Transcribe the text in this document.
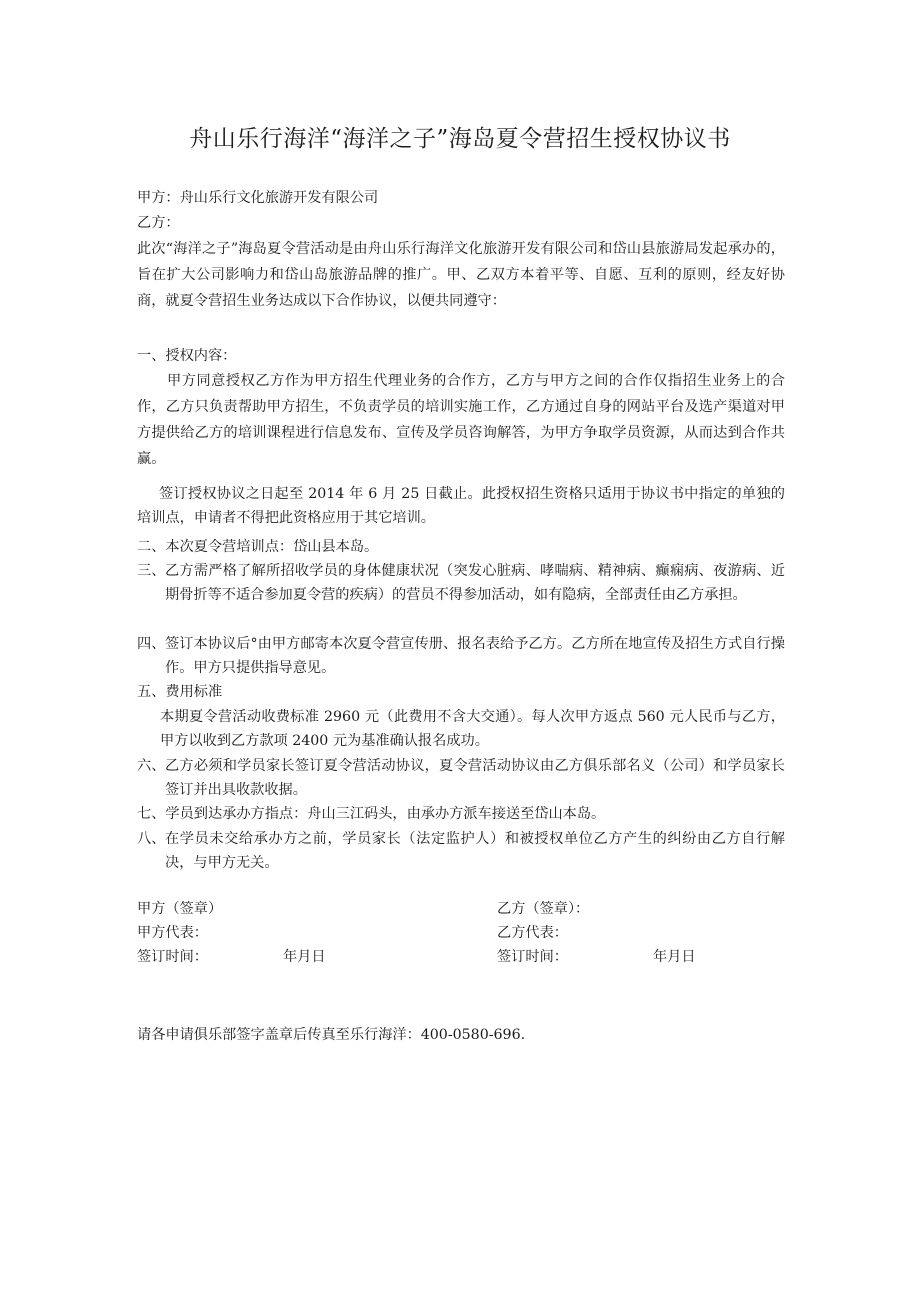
舟山乐行海洋“海洋之子”海岛夏令营招生授权协议书
甲方：舟山乐行文化旅游开发有限公司
乙方：
此次“海洋之子”海岛夏令营活动是由舟山乐行海洋文化旅游开发有限公司和岱山县旅游局发起承办的，旨在扩大公司影响力和岱山岛旅游品牌的推广。甲、乙双方本着平等、自愿、互利的原则，经友好协商，就夏令营招生业务达成以下合作协议，以便共同遵守：
一、授权内容：
甲方同意授权乙方作为甲方招生代理业务的合作方，乙方与甲方之间的合作仅指招生业务上的合作，乙方只负责帮助甲方招生，不负责学员的培训实施工作，乙方通过自身的网站平台及选产渠道对甲方提供给乙方的培训课程进行信息发布、宣传及学员咨询解答，为甲方争取学员资源，从而达到合作共赢。
签订授权协议之日起至 2014 年 6 月 25 日截止。此授权招生资格只适用于协议书中指定的单独的培训点，申请者不得把此资格应用于其它培训。
二、本次夏令营培训点：岱山县本岛。
三、 乙方需严格了解所招收学员的身体健康状况（突发心脏病、哮喘病、精神病、癫痫病、夜游病、近期骨折等不适合参加夏令营的疾病）的营员不得参加活动，如有隐病，全部责任由乙方承担。
四、 签订本协议后°由甲方邮寄本次夏令营宣传册、报名表给予乙方。乙方所在地宣传及招生方式自行操作。甲方只提供指导意见。
五、费用标准
本期夏令营活动收费标准 2960 元（此费用不含大交通）。每人次甲方返点 560 元人民币与乙方，甲方以收到乙方款项 2400 元为基准确认报名成功。
六、 乙方必须和学员家长签订夏令营活动协议，夏令营活动协议由乙方俱乐部名义（公司）和学员家长签订并出具收款收据。
七、学员到达承办方指点：舟山三江码头，由承办方派车接送至岱山本岛。
八、 在学员未交给承办方之前，学员家长（法定监护人）和被授权单位乙方产生的纠纷由乙方自行解决，与甲方无关。
甲方（签章）	乙方（签章）：
甲方代表：	乙方代表：
签订时间：	年月日	签订时间：	年月日
请各申请俱乐部签字盖章后传真至乐行海洋：400-0580-696.
